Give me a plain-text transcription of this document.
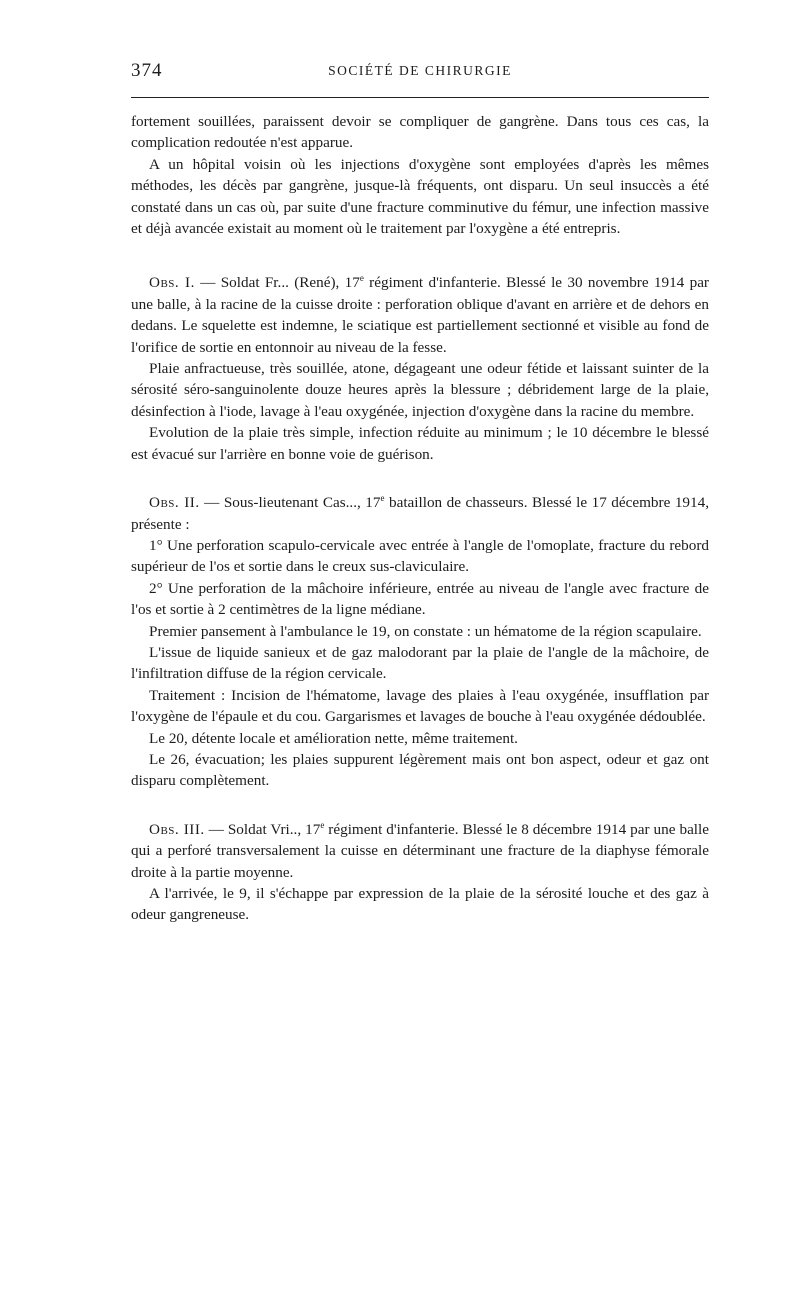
374	SOCIÉTÉ DE CHIRURGIE

fortement souillées, paraissent devoir se compliquer de gangrène. Dans tous ces cas, la complication redoutée n'est apparue.

A un hôpital voisin où les injections d'oxygène sont employées d'après les mêmes méthodes, les décès par gangrène, jusque-là fréquents, ont disparu. Un seul insuccès a été constaté dans un cas où, par suite d'une fracture comminutive du fémur, une infection massive et déjà avancée existait au moment où le traitement par l'oxygène a été entrepris.

Obs. I. — Soldat Fr... (René), 17e régiment d'infanterie. Blessé le 30 novembre 1914 par une balle, à la racine de la cuisse droite : perforation oblique d'avant en arrière et de dehors en dedans. Le squelette est indemne, le sciatique est partiellement sectionné et visible au fond de l'orifice de sortie en entonnoir au niveau de la fesse.

Plaie anfractueuse, très souillée, atone, dégageant une odeur fétide et laissant suinter de la sérosité séro-sanguinolente douze heures après la blessure ; débridement large de la plaie, désinfection à l'iode, lavage à l'eau oxygénée, injection d'oxygène dans la racine du membre.

Evolution de la plaie très simple, infection réduite au minimum ; le 10 décembre le blessé est évacué sur l'arrière en bonne voie de guérison.

Obs. II. — Sous-lieutenant Cas..., 17e bataillon de chasseurs. Blessé le 17 décembre 1914, présente :

1° Une perforation scapulo-cervicale avec entrée à l'angle de l'omoplate, fracture du rebord supérieur de l'os et sortie dans le creux sus-claviculaire.

2° Une perforation de la mâchoire inférieure, entrée au niveau de l'angle avec fracture de l'os et sortie à 2 centimètres de la ligne médiane.

Premier pansement à l'ambulance le 19, on constate : un hématome de la région scapulaire.

L'issue de liquide sanieux et de gaz malodorant par la plaie de l'angle de la mâchoire, de l'infiltration diffuse de la région cervicale.

Traitement : Incision de l'hématome, lavage des plaies à l'eau oxygénée, insufflation par l'oxygène de l'épaule et du cou. Gargarismes et lavages de bouche à l'eau oxygénée dédoublée.

Le 20, détente locale et amélioration nette, même traitement.

Le 26, évacuation; les plaies suppurent légèrement mais ont bon aspect, odeur et gaz ont disparu complètement.

Obs. III. — Soldat Vri.., 17e régiment d'infanterie. Blessé le 8 décembre 1914 par une balle qui a perforé transversalement la cuisse en déterminant une fracture de la diaphyse fémorale droite à la partie moyenne.

A l'arrivée, le 9, il s'échappe par expression de la plaie de la sérosité louche et des gaz à odeur gangreneuse.
